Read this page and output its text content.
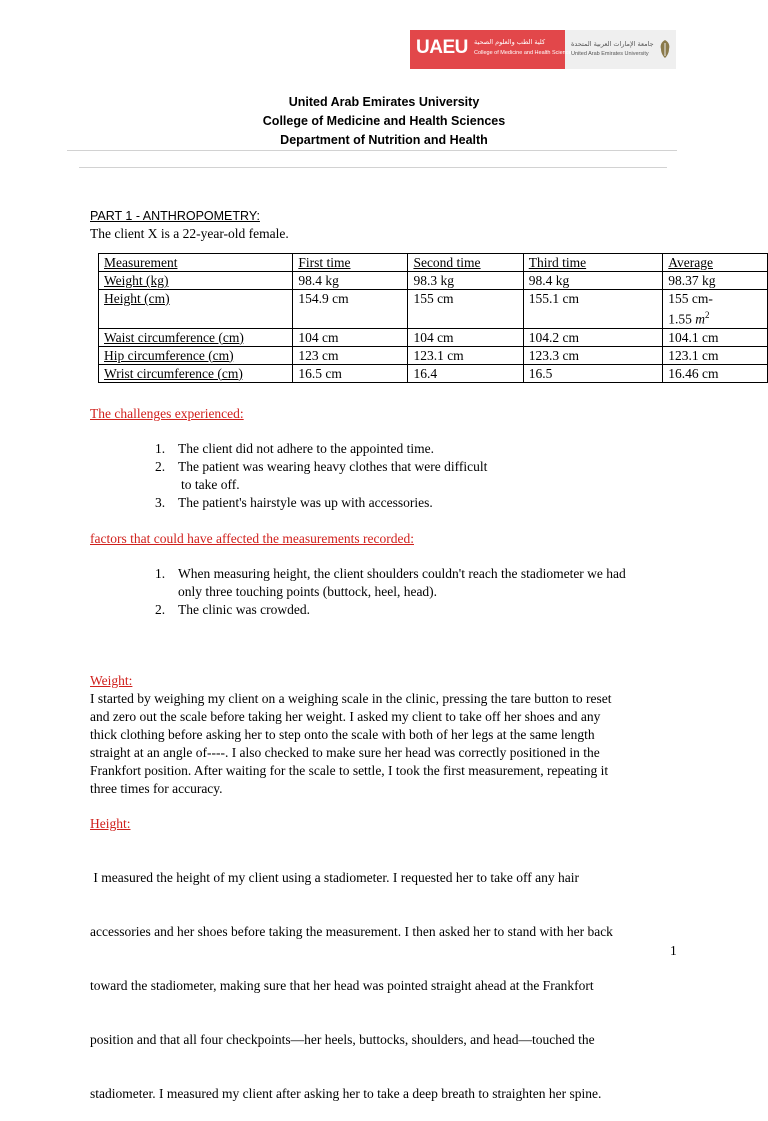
UAEU كلية الطب والعلوم الصحية
College of Medicine and Health Science
جامعة الإمارات العربية المتحدة
United Arab Emirates University
United Arab Emirates University
College of Medicine and Health Sciences
Department of Nutrition and Health
PART 1 - ANTHROPOMETRY:
The client X is a 22-year-old female.
Measurement	First time	Second time	Third time	Average
Weight (kg)	98.4 kg	98.3 kg	98.4 kg	98.37 kg
Height (cm)	154.9 cm	155 cm	155.1 cm	155 cm-
1.55 $m^2$

Waist circumference (cm)	104 cm	104 cm	104.2 cm	104.1 cm
Hip circumference (cm)	123 cm	123.1 cm	123.3 cm	123.1 cm
Wrist circumference (cm)	16.5 cm	16.4	16.5	16.46 cm
The challenges experienced:
1. The client did not adhere to the appointed time.
2. The patient was wearing heavy clothes that were difficult
to take off.
3. The patient's hairstyle was up with accessories.
factors that could have affected the measurements recorded:
1. When measuring height, the client shoulders couldn't reach the stadiometer we had
only three touching points (buttock, heel, head).
2. The clinic was crowded.
Weight:
I started by weighing my client on a weighing scale in the clinic, pressing the tare button to reset
and zero out the scale before taking her weight. I asked my client to take off her shoes and any
thick clothing before asking her to step onto the scale with both of her legs at the same length
straight at an angle of----. I also checked to make sure her head was correctly positioned in the
Frankfort position. After waiting for the scale to settle, I took the first measurement, repeating it
three times for accuracy.
Height:

I measured the height of my client using a stadiometer. I requested her to take off any hair

accessories and her shoes before taking the measurement. I then asked her to stand with her back

toward the stadiometer, making sure that her head was pointed straight ahead at the Frankfort

position and that all four checkpoints—her heels, buttocks, shoulders, and head—touched the

stadiometer. I measured my client after asking her to take a deep breath to straighten her spine.

1
